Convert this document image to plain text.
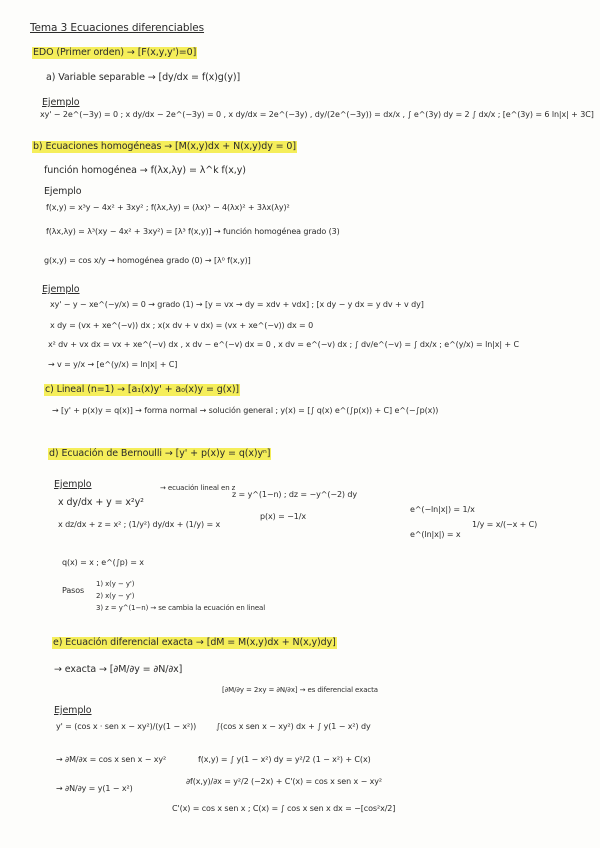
Tema 3 Ecuaciones diferenciables
EDO (Primer orden) → [F(x,y,y')=0]
a) Variable separable → [dy/dx = f(x)g(y)]
Ejemplo
xy' − 2e^(−3y) = 0 ; x dy/dx − 2e^(−3y) = 0 , x dy/dx = 2e^(−3y) , dy/(2e^(−3y)) = dx/x , ∫ e^(3y) dy = 2 ∫ dx/x ; [e^(3y) = 6 ln|x| + 3C]
b) Ecuaciones homogéneas → [M(x,y)dx + N(x,y)dy = 0]
función homogénea → f(λx,λy) = λ^k f(x,y)
Ejemplo
f(x,y) = x³y − 4x² + 3xy² ; f(λx,λy) = (λx)³ − 4(λx)² + 3λx(λy)²
f(λx,λy) = λ³(xy − 4x² + 3xy²) = [λ³ f(x,y)] → función homogénea grado (3)
g(x,y) = cos x/y → homogénea grado (0) → [λ⁰ f(x,y)]
Ejemplo
xy' − y − xe^(−y/x) = 0 → grado (1) → [y = vx → dy = xdv + vdx] ; [x dy − y dx = y dv + v dy]
x dy = (vx + xe^(−v)) dx ; x(x dv + v dx) = (vx + xe^(−v)) dx = 0
x² dv + vx dx = vx + xe^(−v) dx , x dv − e^(−v) dx = 0 , x dv = e^(−v) dx ; ∫ dv/e^(−v) = ∫ dx/x ; e^(y/x) = ln|x| + C
→ v = y/x → [e^(y/x) = ln|x| + C]
c) Lineal (n=1) → [a₁(x)y' + a₀(x)y = g(x)]
→ [y' + p(x)y = q(x)] → forma normal → solución general ; y(x) = [∫ q(x) e^(∫p(x)) + C] e^(−∫p(x))
d) Ecuación de Bernoulli → [y' + p(x)y = q(x)yⁿ]
Ejemplo
x dy/dx + y = x²y²
→ ecuación lineal en z
z = y^(1−n) ; dz = −y^(−2) dy
x dz/dx + z = x² ; (1/y²) dy/dx + (1/y) = x
p(x) = −1/x
e^(−ln|x|) = 1/x
1/y = x/(−x + C)
e^(ln|x|) = x
q(x) = x ; e^(∫p) = x
Pasos
1) x(y − y')
2) x(y − y')
3) z = y^(1−n) → se cambia la ecuación en lineal
e) Ecuación diferencial exacta → [dM = M(x,y)dx + N(x,y)dy]
→ exacta → [∂M/∂y = ∂N/∂x]
[∂M/∂y = 2xy = ∂N/∂x] → es diferencial exacta
Ejemplo
y' = (cos x · sen x − xy²)/(y(1 − x²)) ∫(cos x sen x − xy²) dx + ∫ y(1 − x²) dy
→ ∂M/∂x = cos x sen x − xy²	f(x,y) = ∫ y(1 − x²) dy = y²/2 (1 − x²) + C(x)
→ ∂N/∂y = y(1 − x²)
∂f(x,y)/∂x = y²/2 (−2x) + C'(x) = cos x sen x − xy²
C'(x) = cos x sen x ; C(x) = ∫ cos x sen x dx = −[cos²x/2]
